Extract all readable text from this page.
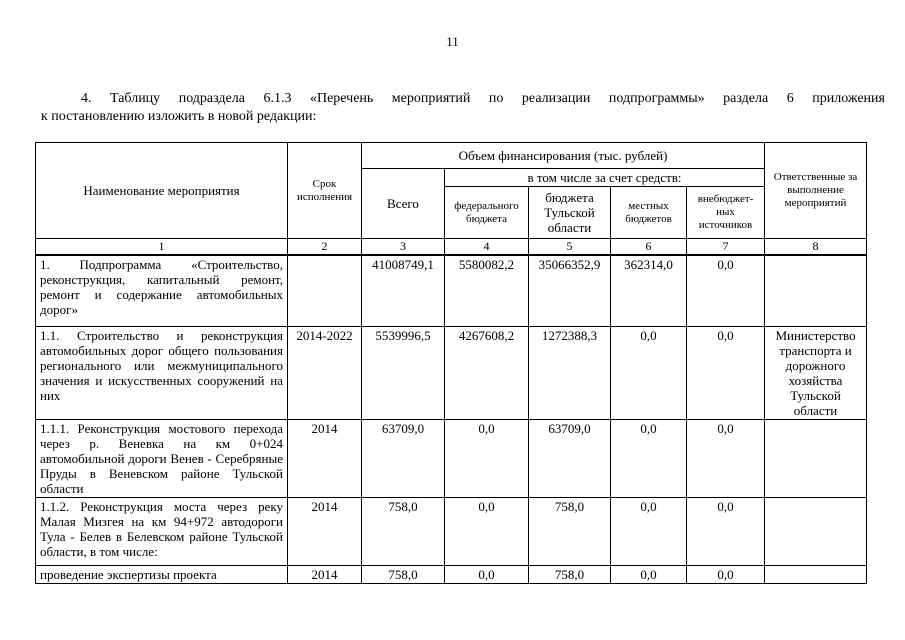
11
4. Таблицу подраздела 6.1.3 «Перечень мероприятий по реализации подпрограммы» раздела 6 приложения
к постановлению изложить в новой редакции:
Наименование мероприятия	Срок исполнения	Объем финансирования (тыс. рублей)					Ответственные за выполнение мероприятий
		Всего	в том числе за счет средств:				
			федерального бюджета	бюджета Тульской области	местных бюджетов	внебюджет-ных источников	
1	2	3	4	5	6	7	8
1. Подпрограмма «Строительство, реконструкция, капитальный ремонт, ремонт и содержание автомобильных дорог»		41008749,1	5580082,2	35066352,9	362314,0	0,0	
1.1. Строительство и реконструкция автомобильных дорог общего пользования регионального или межмуниципального значения и искусственных сооружений на них	2014-2022	5539996,5	4267608,2	1272388,3	0,0	0,0	Министерство транспорта и дорожного хозяйства Тульской области
1.1.1. Реконструкция мостового перехода через р. Веневка на км 0+024 автомобильной дороги Венев - Серебряные Пруды в Веневском районе Тульской области	2014	63709,0	0,0	63709,0	0,0	0,0	
1.1.2. Реконструкция моста через реку Малая Мизгея на км 94+972 автодороги Тула - Белев в Белевском районе Тульской области, в том числе:	2014	758,0	0,0	758,0	0,0	0,0	
проведение экспертизы проекта	2014	758,0	0,0	758,0	0,0	0,0	
